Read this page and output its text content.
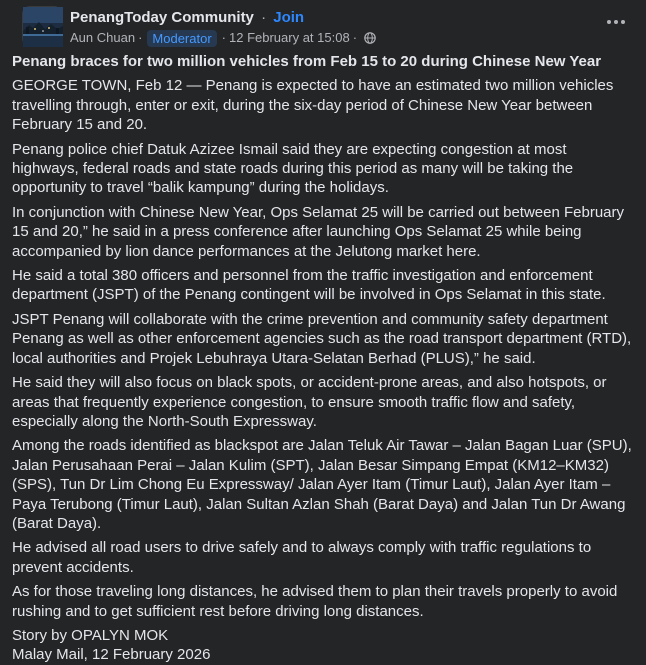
PenangToday Community · Join
Aun Chuan · Moderator · 12 February at 15:08 ·
Penang braces for two million vehicles from Feb 15 to 20 during Chinese New Year
GEORGE TOWN, Feb 12 — Penang is expected to have an estimated two million vehicles travelling through, enter or exit, during the six-day period of Chinese New Year between February 15 and 20.
Penang police chief Datuk Azizee Ismail said they are expecting congestion at most highways, federal roads and state roads during this period as many will be taking the opportunity to travel “balik kampung” during the holidays.
In conjunction with Chinese New Year, Ops Selamat 25 will be carried out between February 15 and 20,” he said in a press conference after launching Ops Selamat 25 while being accompanied by lion dance performances at the Jelutong market here.
He said a total 380 officers and personnel from the traffic investigation and enforcement department (JSPT) of the Penang contingent will be involved in Ops Selamat in this state.
JSPT Penang will collaborate with the crime prevention and community safety department Penang as well as other enforcement agencies such as the road transport department (RTD), local authorities and Projek Lebuhraya Utara-Selatan Berhad (PLUS),” he said.
He said they will also focus on black spots, or accident-prone areas, and also hotspots, or areas that frequently experience congestion, to ensure smooth traffic flow and safety, especially along the North-South Expressway.
Among the roads identified as blackspot are Jalan Teluk Air Tawar – Jalan Bagan Luar (SPU), Jalan Perusahaan Perai – Jalan Kulim (SPT), Jalan Besar Simpang Empat (KM12–KM32) (SPS), Tun Dr Lim Chong Eu Expressway/ Jalan Ayer Itam (Timur Laut), Jalan Ayer Itam – Paya Terubong (Timur Laut), Jalan Sultan Azlan Shah (Barat Daya) and Jalan Tun Dr Awang (Barat Daya).
He advised all road users to drive safely and to always comply with traffic regulations to prevent accidents.
As for those traveling long distances, he advised them to plan their travels properly to avoid rushing and to get sufficient rest before driving long distances.
Story by OPALYN MOK
Malay Mail, 12 February 2026
